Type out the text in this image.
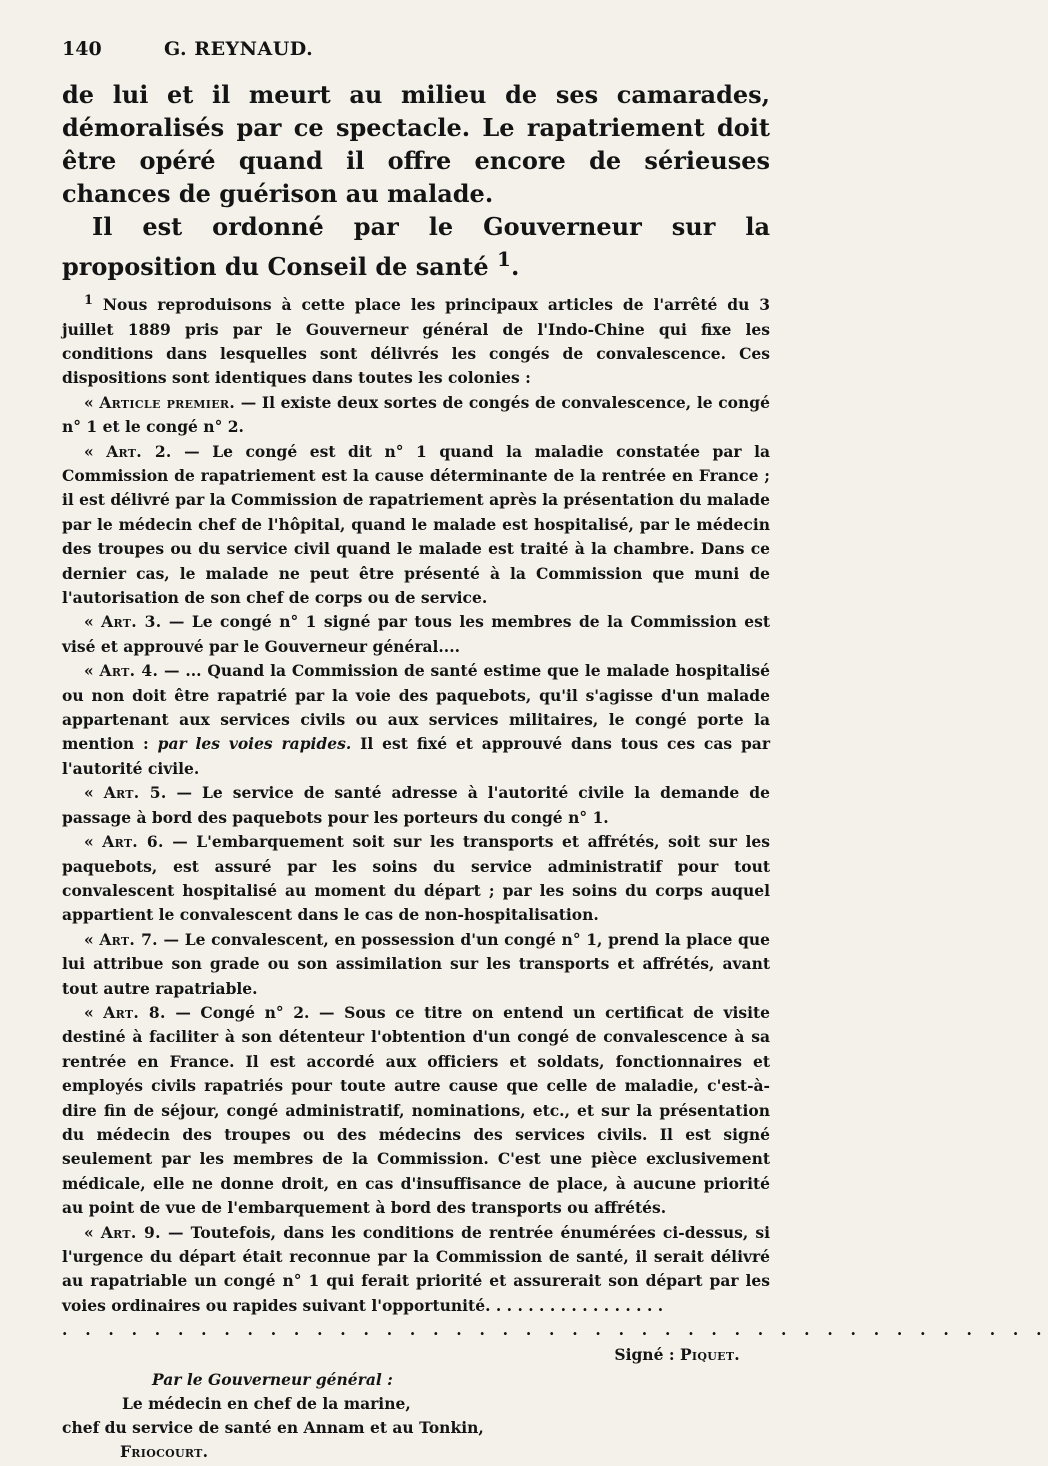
140	G. REYNAUD.

de lui et il meurt au milieu de ses camarades, démoralisés par ce spectacle. Le rapatriement doit être opéré quand il offre encore de sérieuses chances de guérison au malade.

Il est ordonné par le Gouverneur sur la proposition du Conseil de santé $^1$.

$^1$ Nous reproduisons à cette place les principaux articles de l'arrêté du 3 juillet 1889 pris par le Gouverneur général de l'Indo-Chine qui fixe les conditions dans lesquelles sont délivrés les congés de convalescence. Ces dispositions sont identiques dans toutes les colonies :

« Article premier. — Il existe deux sortes de congés de convalescence, le congé n° 1 et le congé n° 2.

« Art. 2. — Le congé est dit n° 1 quand la maladie constatée par la Commission de rapatriement est la cause déterminante de la rentrée en France ; il est délivré par la Commission de rapatriement après la présentation du malade par le médecin chef de l'hôpital, quand le malade est hospitalisé, par le médecin des troupes ou du service civil quand le malade est traité à la chambre. Dans ce dernier cas, le malade ne peut être présenté à la Commission que muni de l'autorisation de son chef de corps ou de service.

« Art. 3. — Le congé n° 1 signé par tous les membres de la Commission est visé et approuvé par le Gouverneur général....

« Art. 4. — ... Quand la Commission de santé estime que le malade hospitalisé ou non doit être rapatrié par la voie des paquebots, qu'il s'agisse d'un malade appartenant aux services civils ou aux services militaires, le congé porte la mention : par les voies rapides. Il est fixé et approuvé dans tous ces cas par l'autorité civile.

« Art. 5. — Le service de santé adresse à l'autorité civile la demande de passage à bord des paquebots pour les porteurs du congé n° 1.

« Art. 6. — L'embarquement soit sur les transports et affrétés, soit sur les paquebots, est assuré par les soins du service administratif pour tout convalescent hospitalisé au moment du départ ; par les soins du corps auquel appartient le convalescent dans le cas de non-hospitalisation.

« Art. 7. — Le convalescent, en possession d'un congé n° 1, prend la place que lui attribue son grade ou son assimilation sur les transports et affrétés, avant tout autre rapatriable.

« Art. 8. — Congé n° 2. — Sous ce titre on entend un certificat de visite destiné à faciliter à son détenteur l'obtention d'un congé de convalescence à sa rentrée en France. Il est accordé aux officiers et soldats, fonctionnaires et employés civils rapatriés pour toute autre cause que celle de maladie, c'est-à-dire fin de séjour, congé administratif, nominations, etc., et sur la présentation du médecin des troupes ou des médecins des services civils. Il est signé seulement par les membres de la Commission. C'est une pièce exclusivement médicale, elle ne donne droit, en cas d'insuffisance de place, à aucune priorité au point de vue de l'embarquement à bord des transports ou affrétés.

« Art. 9. — Toutefois, dans les conditions de rentrée énumérées ci-dessus, si l'urgence du départ était reconnue par la Commission de santé, il serait délivré au rapatriable un congé n° 1 qui ferait priorité et assurerait son départ par les voies ordinaires ou rapides suivant l'opportunité. . . . . . . . . . . . . . . . .

. . . . . . . . . . . . . . . . . . . . . . . . . . . . . . . . . . . . . . . . . . .
Signé : Piquet.
Par le Gouverneur général :
Le médecin en chef de la marine,
chef du service de santé en Annam et au Tonkin,
Friocourt.
